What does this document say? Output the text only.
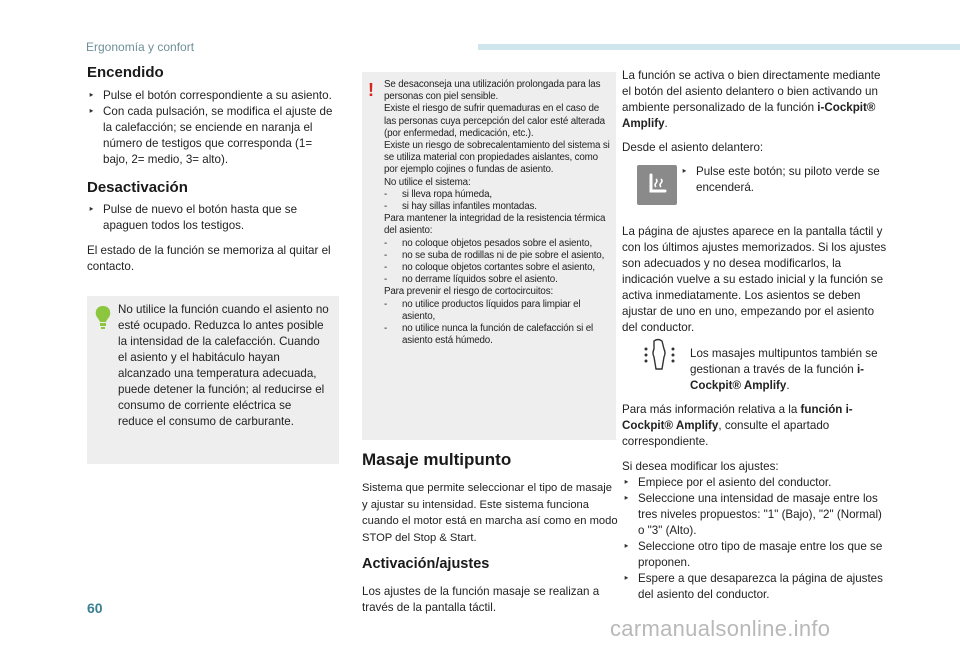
Ergonomía y confort
Encendido
‣ Pulse el botón correspondiente a su asiento.
‣ Con cada pulsación, se modifica el ajuste de la calefacción; se enciende en naranja el número de testigos que corresponda (1= bajo, 2= medio, 3= alto).
Desactivación
‣ Pulse de nuevo el botón hasta que se apaguen todos los testigos.

El estado de la función se memoriza al quitar el contacto.

No utilice la función cuando el asiento no esté ocupado. Reduzca lo antes posible la intensidad de la calefacción. Cuando el asiento y el habitáculo hayan alcanzado una temperatura adecuada, puede detener la función; al reducirse el consumo de corriente eléctrica se reduce el consumo de carburante.
! Se desaconseja una utilización prolongada para las personas con piel sensible.
Existe el riesgo de sufrir quemaduras en el caso de las personas cuya percepción del calor esté alterada (por enfermedad, medicación, etc.).
Existe un riesgo de sobrecalentamiento del sistema si se utiliza material con propiedades aislantes, como por ejemplo cojines o fundas de asiento.
No utilice el sistema:
- si lleva ropa húmeda,
- si hay sillas infantiles montadas.
Para mantener la integridad de la resistencia térmica del asiento:
- no coloque objetos pesados sobre el asiento,
- no se suba de rodillas ni de pie sobre el asiento,
- no coloque objetos cortantes sobre el asiento,
- no derrame líquidos sobre el asiento.
Para prevenir el riesgo de cortocircuitos:
- no utilice productos líquidos para limpiar el asiento,
- no utilice nunca la función de calefacción si el asiento está húmedo.
Masaje multipunto

Sistema que permite seleccionar el tipo de masaje y ajustar su intensidad. Este sistema funciona cuando el motor está en marcha así como en modo STOP del Stop & Start.

Activación/ajustes

Los ajustes de la función masaje se realizan a través de la pantalla táctil.

La función se activa o bien directamente mediante el botón del asiento delantero o bien activando un ambiente personalizado de la función i-Cockpit® Amplify.

Desde el asiento delantero:

‣ Pulse este botón; su piloto verde se encenderá.

La página de ajustes aparece en la pantalla táctil y con los últimos ajustes memorizados. Si los ajustes son adecuados y no desea modificarlos, la indicación vuelve a su estado inicial y la función se activa inmediatamente. Los asientos se deben ajustar de uno en uno, empezando por el asiento del conductor.

Los masajes multipuntos también se gestionan a través de la función i-Cockpit® Amplify.

Para más información relativa a la función i-Cockpit® Amplify, consulte el apartado correspondiente.

Si desea modificar los ajustes:

‣ Empiece por el asiento del conductor.
‣ Seleccione una intensidad de masaje entre los tres niveles propuestos: "1" (Bajo), "2" (Normal) o "3" (Alto).
‣ Seleccione otro tipo de masaje entre los que se proponen.
‣ Espere a que desaparezca la página de ajustes del asiento del conductor.
60
carmanualsonline.info
